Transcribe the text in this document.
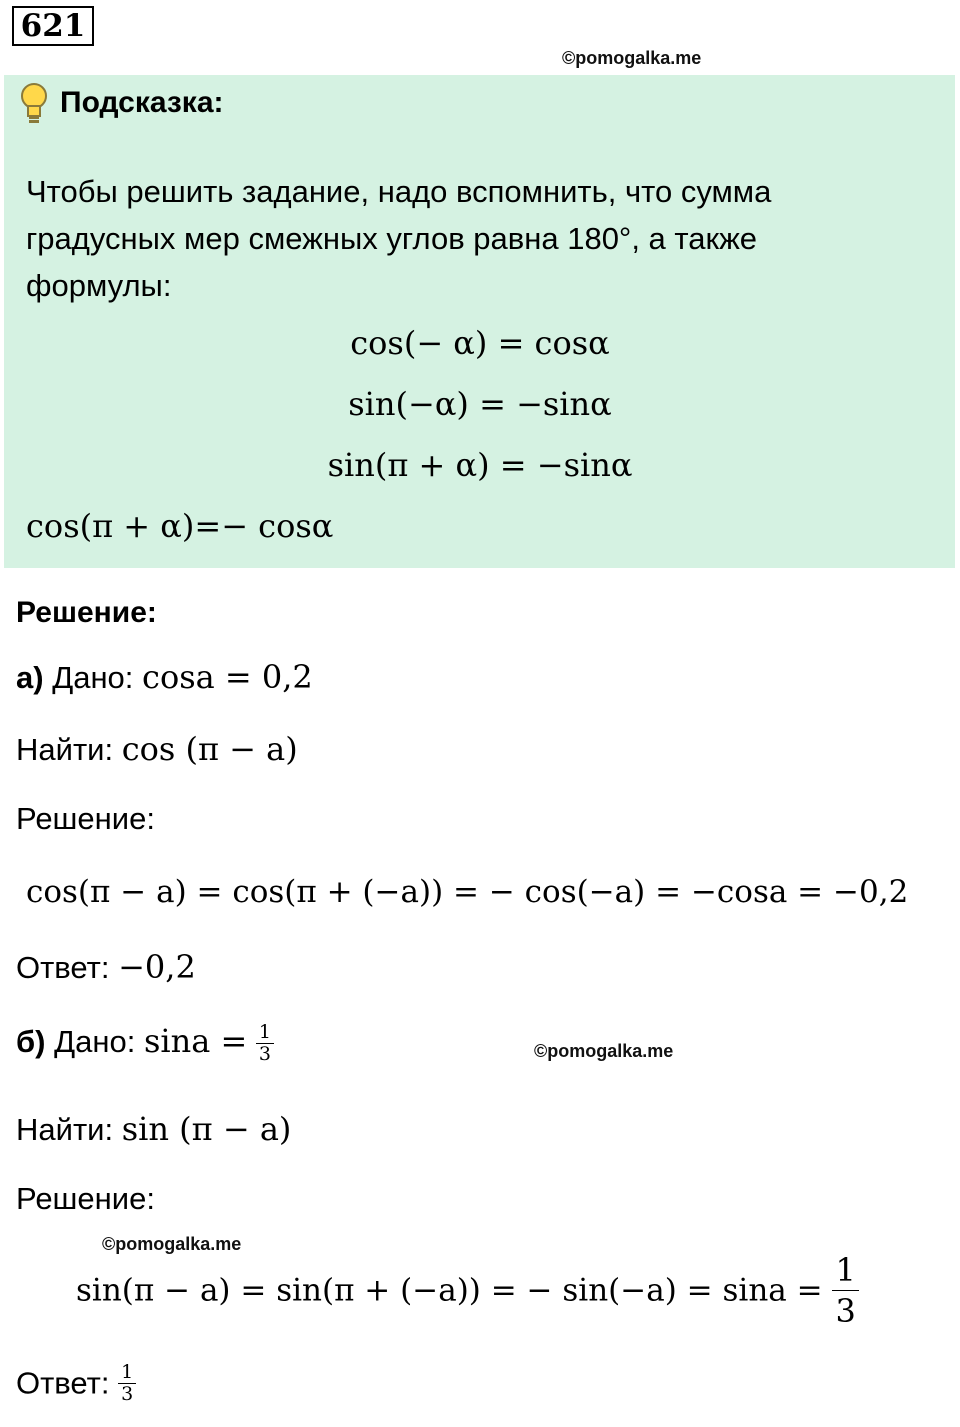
621
©pomogalka.me
Подсказка:
Чтобы решить задание, надо вспомнить, что сумма градусных мер смежных углов равна 180°, а также формулы:
cos(− α) = cosα
sin(−α) = −sinα
sin(π + α) = −sinα
cos(π + α)=− cosα
Решение:
а) Дано: cosa = 0,2
Найти: cos (π − a)
Решение:
cos(π − a) = cos(π + (−a)) = − cos(−a) = −cosa = −0,2
Ответ: −0,2
б) Дано: $\sin a = \frac{1}{3}$	©pomogalka.me
Найти: sin (π − a)
Решение:
©pomogalka.me
sin(π − a) = sin(π + (−a)) = − $\sin(-a) = \sin a = \frac{1}{3}$
Ответ: $\frac{1}{3}$
